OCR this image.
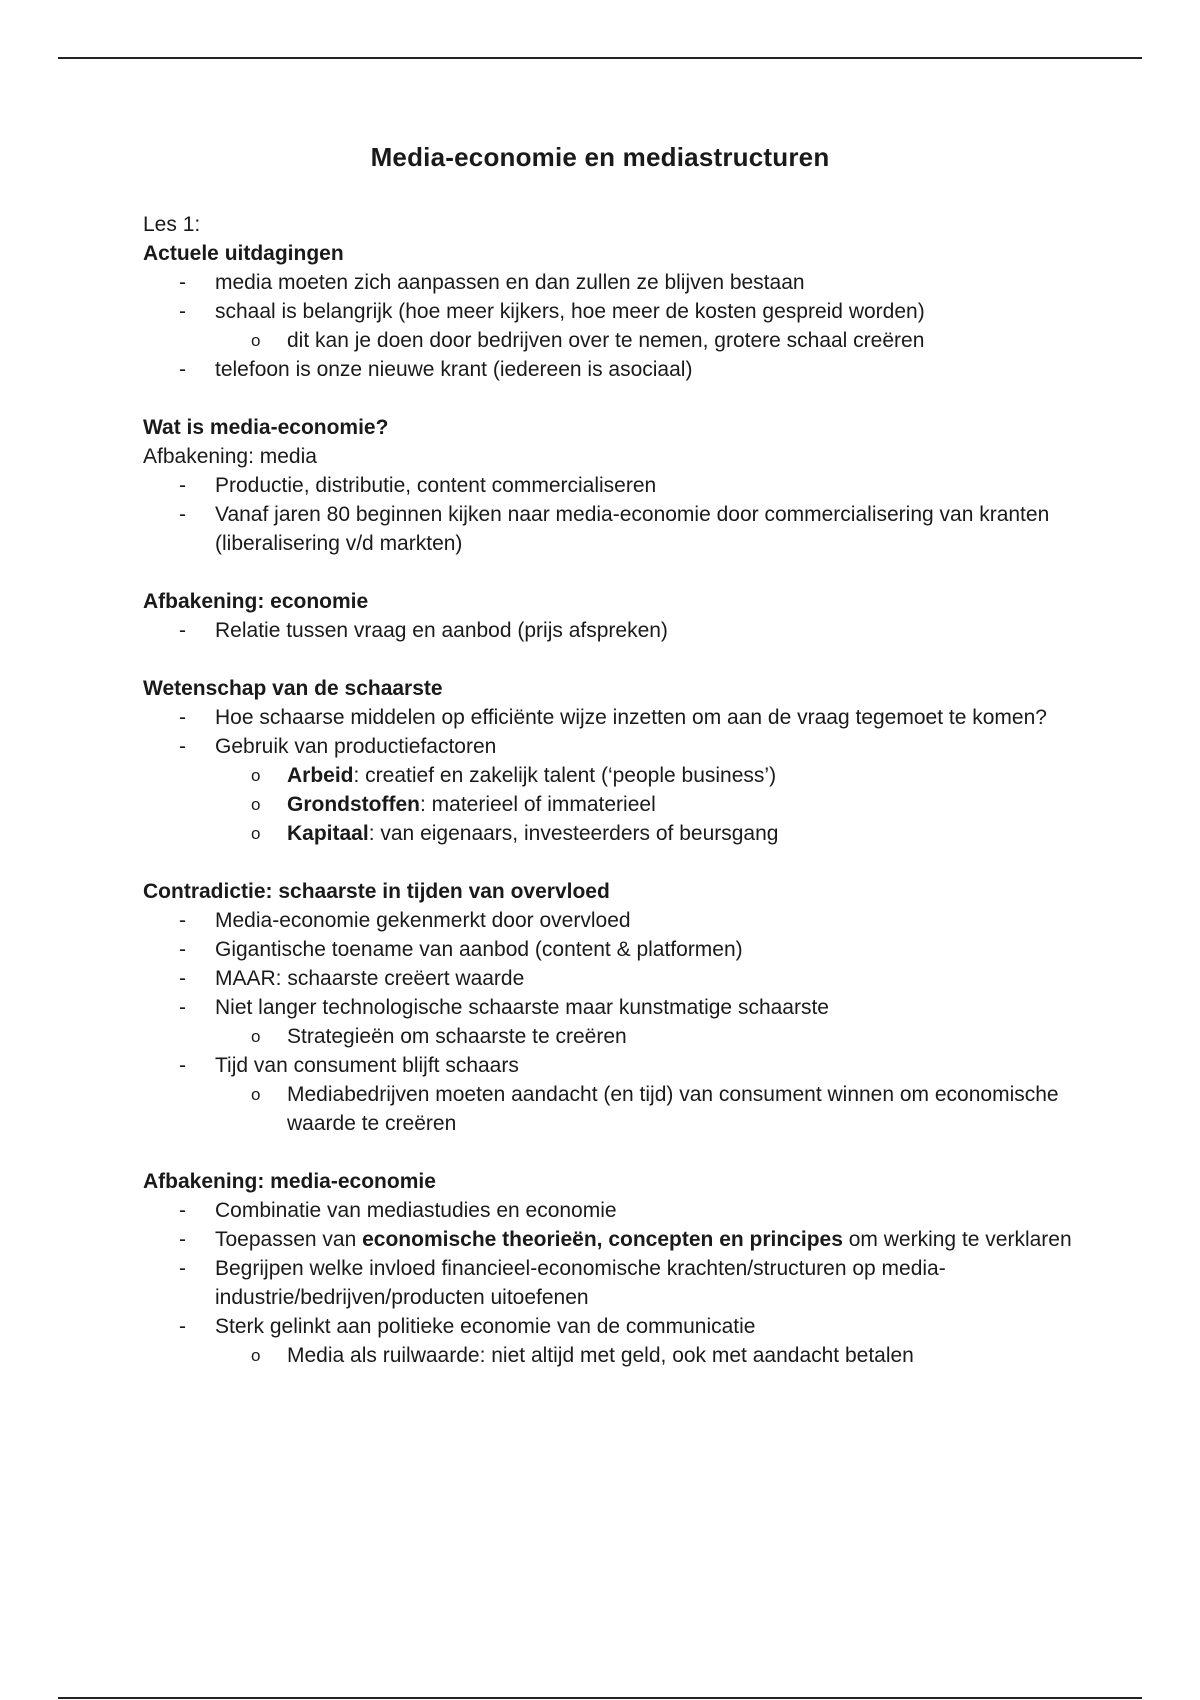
Media-economie en mediastructuren

Les 1:

Actuele uitdagingen

- media moeten zich aanpassen en dan zullen ze blijven bestaan
- schaal is belangrijk (hoe meer kijkers, hoe meer de kosten gespreid worden)
o dit kan je doen door bedrijven over te nemen, grotere schaal creëren
- telefoon is onze nieuwe krant (iedereen is asociaal)

Wat is media-economie?

Afbakening: media

- Productie, distributie, content commercialiseren
- Vanaf jaren 80 beginnen kijken naar media-economie door commercialisering van kranten (liberalisering v/d markten)

Afbakening: economie

- Relatie tussen vraag en aanbod (prijs afspreken)

Wetenschap van de schaarste

- Hoe schaarse middelen op efficiënte wijze inzetten om aan de vraag tegemoet te komen?
- Gebruik van productiefactoren
o Arbeid: creatief en zakelijk talent (‘people business’)
o Grondstoffen: materieel of immaterieel
o Kapitaal: van eigenaars, investeerders of beursgang

Contradictie: schaarste in tijden van overvloed

- Media-economie gekenmerkt door overvloed
- Gigantische toename van aanbod (content & platformen)
- MAAR: schaarste creëert waarde
- Niet langer technologische schaarste maar kunstmatige schaarste
o Strategieën om schaarste te creëren
- Tijd van consument blijft schaars
o Mediabedrijven moeten aandacht (en tijd) van consument winnen om economische waarde te creëren

Afbakening: media-economie

- Combinatie van mediastudies en economie
- Toepassen van economische theorieën, concepten en principes om werking te verklaren
- Begrijpen welke invloed financieel-economische krachten/structuren op media-industrie/bedrijven/producten uitoefenen
- Sterk gelinkt aan politieke economie van de communicatie
o Media als ruilwaarde: niet altijd met geld, ook met aandacht betalen
